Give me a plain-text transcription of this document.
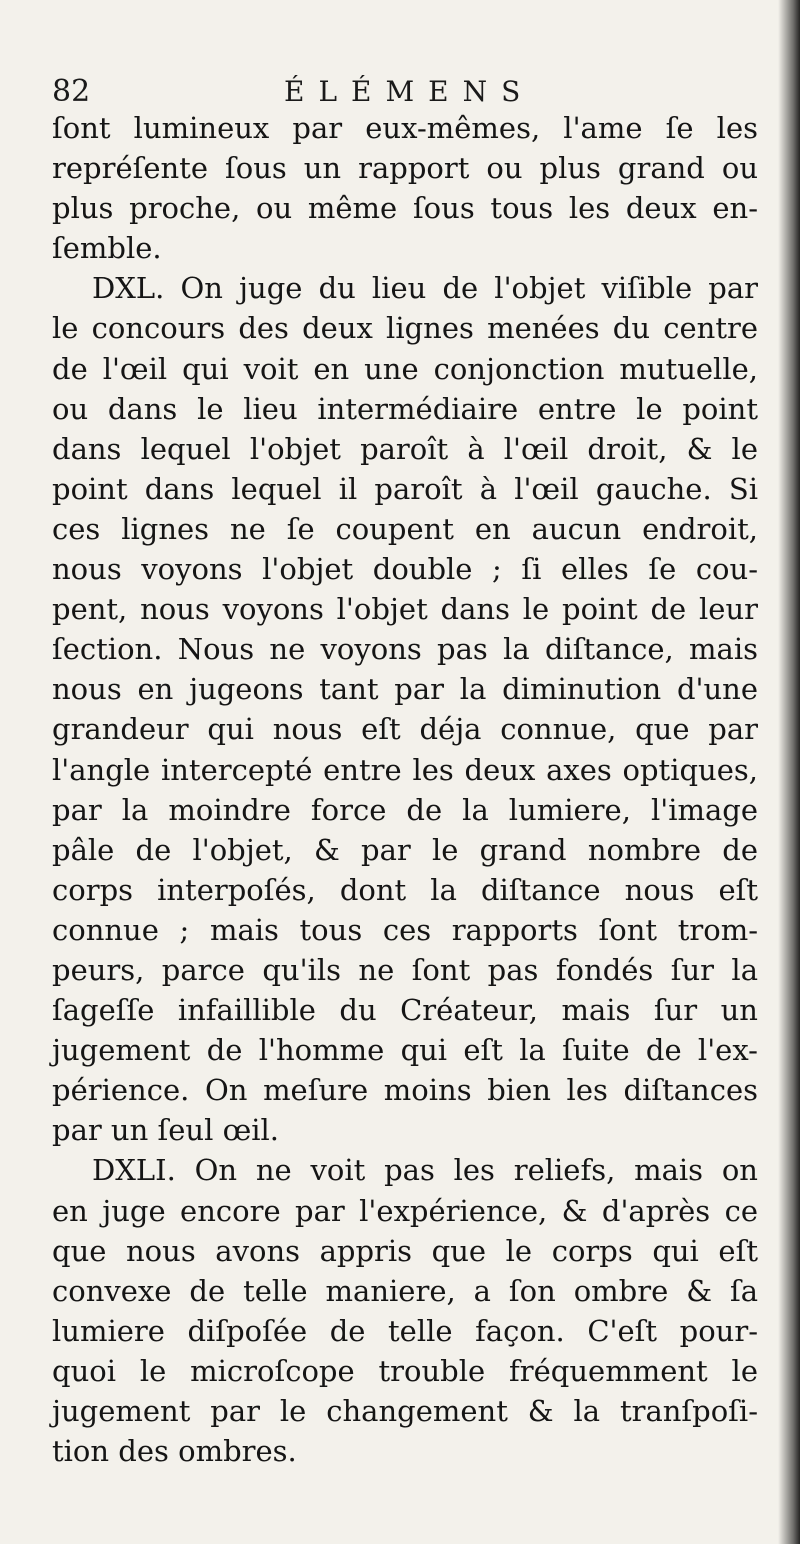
82	ÉLÉMENS
ſont lumineux par eux-mêmes, l'ame ſe les
repréſente ſous un rapport ou plus grand ou
plus proche, ou même ſous tous les deux en-
ſemble.
DXL. On juge du lieu de l'objet viſible par
le concours des deux lignes menées du centre
de l'œil qui voit en une conjonction mutuelle,
ou dans le lieu intermédiaire entre le point
dans lequel l'objet paroît à l'œil droit, & le
point dans lequel il paroît à l'œil gauche. Si
ces lignes ne ſe coupent en aucun endroit,
nous voyons l'objet double ; ſi elles ſe cou-
pent, nous voyons l'objet dans le point de leur
ſection. Nous ne voyons pas la diſtance, mais
nous en jugeons tant par la diminution d'une
grandeur qui nous eſt déja connue, que par
l'angle intercepté entre les deux axes optiques,
par la moindre force de la lumiere, l'image
pâle de l'objet, & par le grand nombre de
corps interpoſés, dont la diſtance nous eſt
connue ; mais tous ces rapports ſont trom-
peurs, parce qu'ils ne ſont pas fondés ſur la
ſageſſe infaillible du Créateur, mais ſur un
jugement de l'homme qui eſt la ſuite de l'ex-
périence. On meſure moins bien les diſtances
par un ſeul œil.
DXLI. On ne voit pas les reliefs, mais on
en juge encore par l'expérience, & d'après ce
que nous avons appris que le corps qui eſt
convexe de telle maniere, a ſon ombre & ſa
lumiere diſpoſée de telle façon. C'eſt pour-
quoi le microſcope trouble fréquemment le
jugement par le changement & la tranſpoſi-
tion des ombres.
